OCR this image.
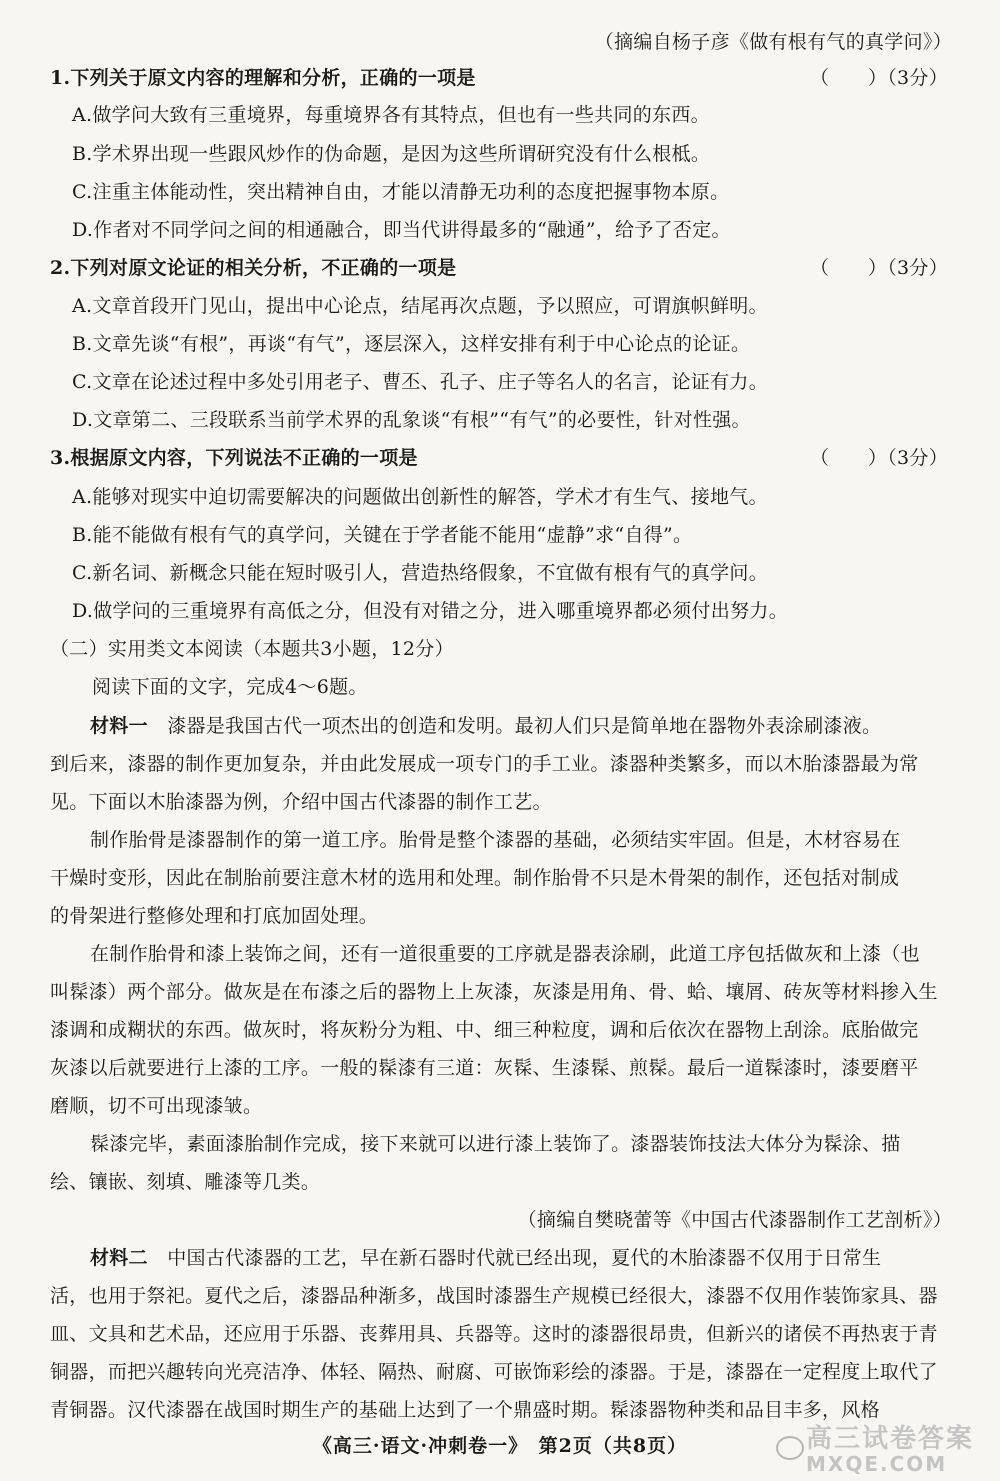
（摘编自杨子彦《做有根有气的真学问》）
1.下列关于原文内容的理解和分析，正确的一项是	（　　）（3分）
A.做学问大致有三重境界，每重境界各有其特点，但也有一些共同的东西。
B.学术界出现一些跟风炒作的伪命题，是因为这些所谓研究没有什么根柢。
C.注重主体能动性，突出精神自由，才能以清静无功利的态度把握事物本原。
D.作者对不同学问之间的相通融合，即当代讲得最多的“融通”，给予了否定。
2.下列对原文论证的相关分析，不正确的一项是	（　　）（3分）
A.文章首段开门见山，提出中心论点，结尾再次点题，予以照应，可谓旗帜鲜明。
B.文章先谈“有根”，再谈“有气”，逐层深入，这样安排有利于中心论点的论证。
C.文章在论述过程中多处引用老子、曹丕、孔子、庄子等名人的名言，论证有力。
D.文章第二、三段联系当前学术界的乱象谈“有根”“有气”的必要性，针对性强。
3.根据原文内容，下列说法不正确的一项是	（　　）（3分）
A.能够对现实中迫切需要解决的问题做出创新性的解答，学术才有生气、接地气。
B.能不能做有根有气的真学问，关键在于学者能不能用“虚静”求“自得”。
C.新名词、新概念只能在短时吸引人，营造热络假象，不宜做有根有气的真学问。
D.做学问的三重境界有高低之分，但没有对错之分，进入哪重境界都必须付出努力。
（二）实用类文本阅读（本题共3小题，12分）
阅读下面的文字，完成4～6题。
材料一　漆器是我国古代一项杰出的创造和发明。最初人们只是简单地在器物外表涂刷漆液。
到后来，漆器的制作更加复杂，并由此发展成一项专门的手工业。漆器种类繁多，而以木胎漆器最为常
见。下面以木胎漆器为例，介绍中国古代漆器的制作工艺。
制作胎骨是漆器制作的第一道工序。胎骨是整个漆器的基础，必须结实牢固。但是，木材容易在
干燥时变形，因此在制胎前要注意木材的选用和处理。制作胎骨不只是木骨架的制作，还包括对制成
的骨架进行整修处理和打底加固处理。
在制作胎骨和漆上装饰之间，还有一道很重要的工序就是器表涂刷，此道工序包括做灰和上漆（也
叫髹漆）两个部分。做灰是在布漆之后的器物上上灰漆，灰漆是用角、骨、蛤、壤屑、砖灰等材料掺入生
漆调和成糊状的东西。做灰时，将灰粉分为粗、中、细三种粒度，调和后依次在器物上刮涂。底胎做完
灰漆以后就要进行上漆的工序。一般的髹漆有三道：灰髹、生漆髹、煎髹。最后一道髹漆时，漆要磨平
磨顺，切不可出现漆皱。
髹漆完毕，素面漆胎制作完成，接下来就可以进行漆上装饰了。漆器装饰技法大体分为髹涂、描
绘、镶嵌、刻填、雕漆等几类。
（摘编自樊晓蕾等《中国古代漆器制作工艺剖析》）
材料二　中国古代漆器的工艺，早在新石器时代就已经出现，夏代的木胎漆器不仅用于日常生
活，也用于祭祀。夏代之后，漆器品种渐多，战国时漆器生产规模已经很大，漆器不仅用作装饰家具、器
皿、文具和艺术品，还应用于乐器、丧葬用具、兵器等。这时的漆器很昂贵，但新兴的诸侯不再热衷于青
铜器，而把兴趣转向光亮洁净、体轻、隔热、耐腐、可嵌饰彩绘的漆器。于是，漆器在一定程度上取代了
青铜器。汉代漆器在战国时期生产的基础上达到了一个鼎盛时期。髹漆器物种类和品目丰多，风格
《高三·语文·冲刺卷一》　第2页（共8页）	高三试卷答案
MXQE.COM
